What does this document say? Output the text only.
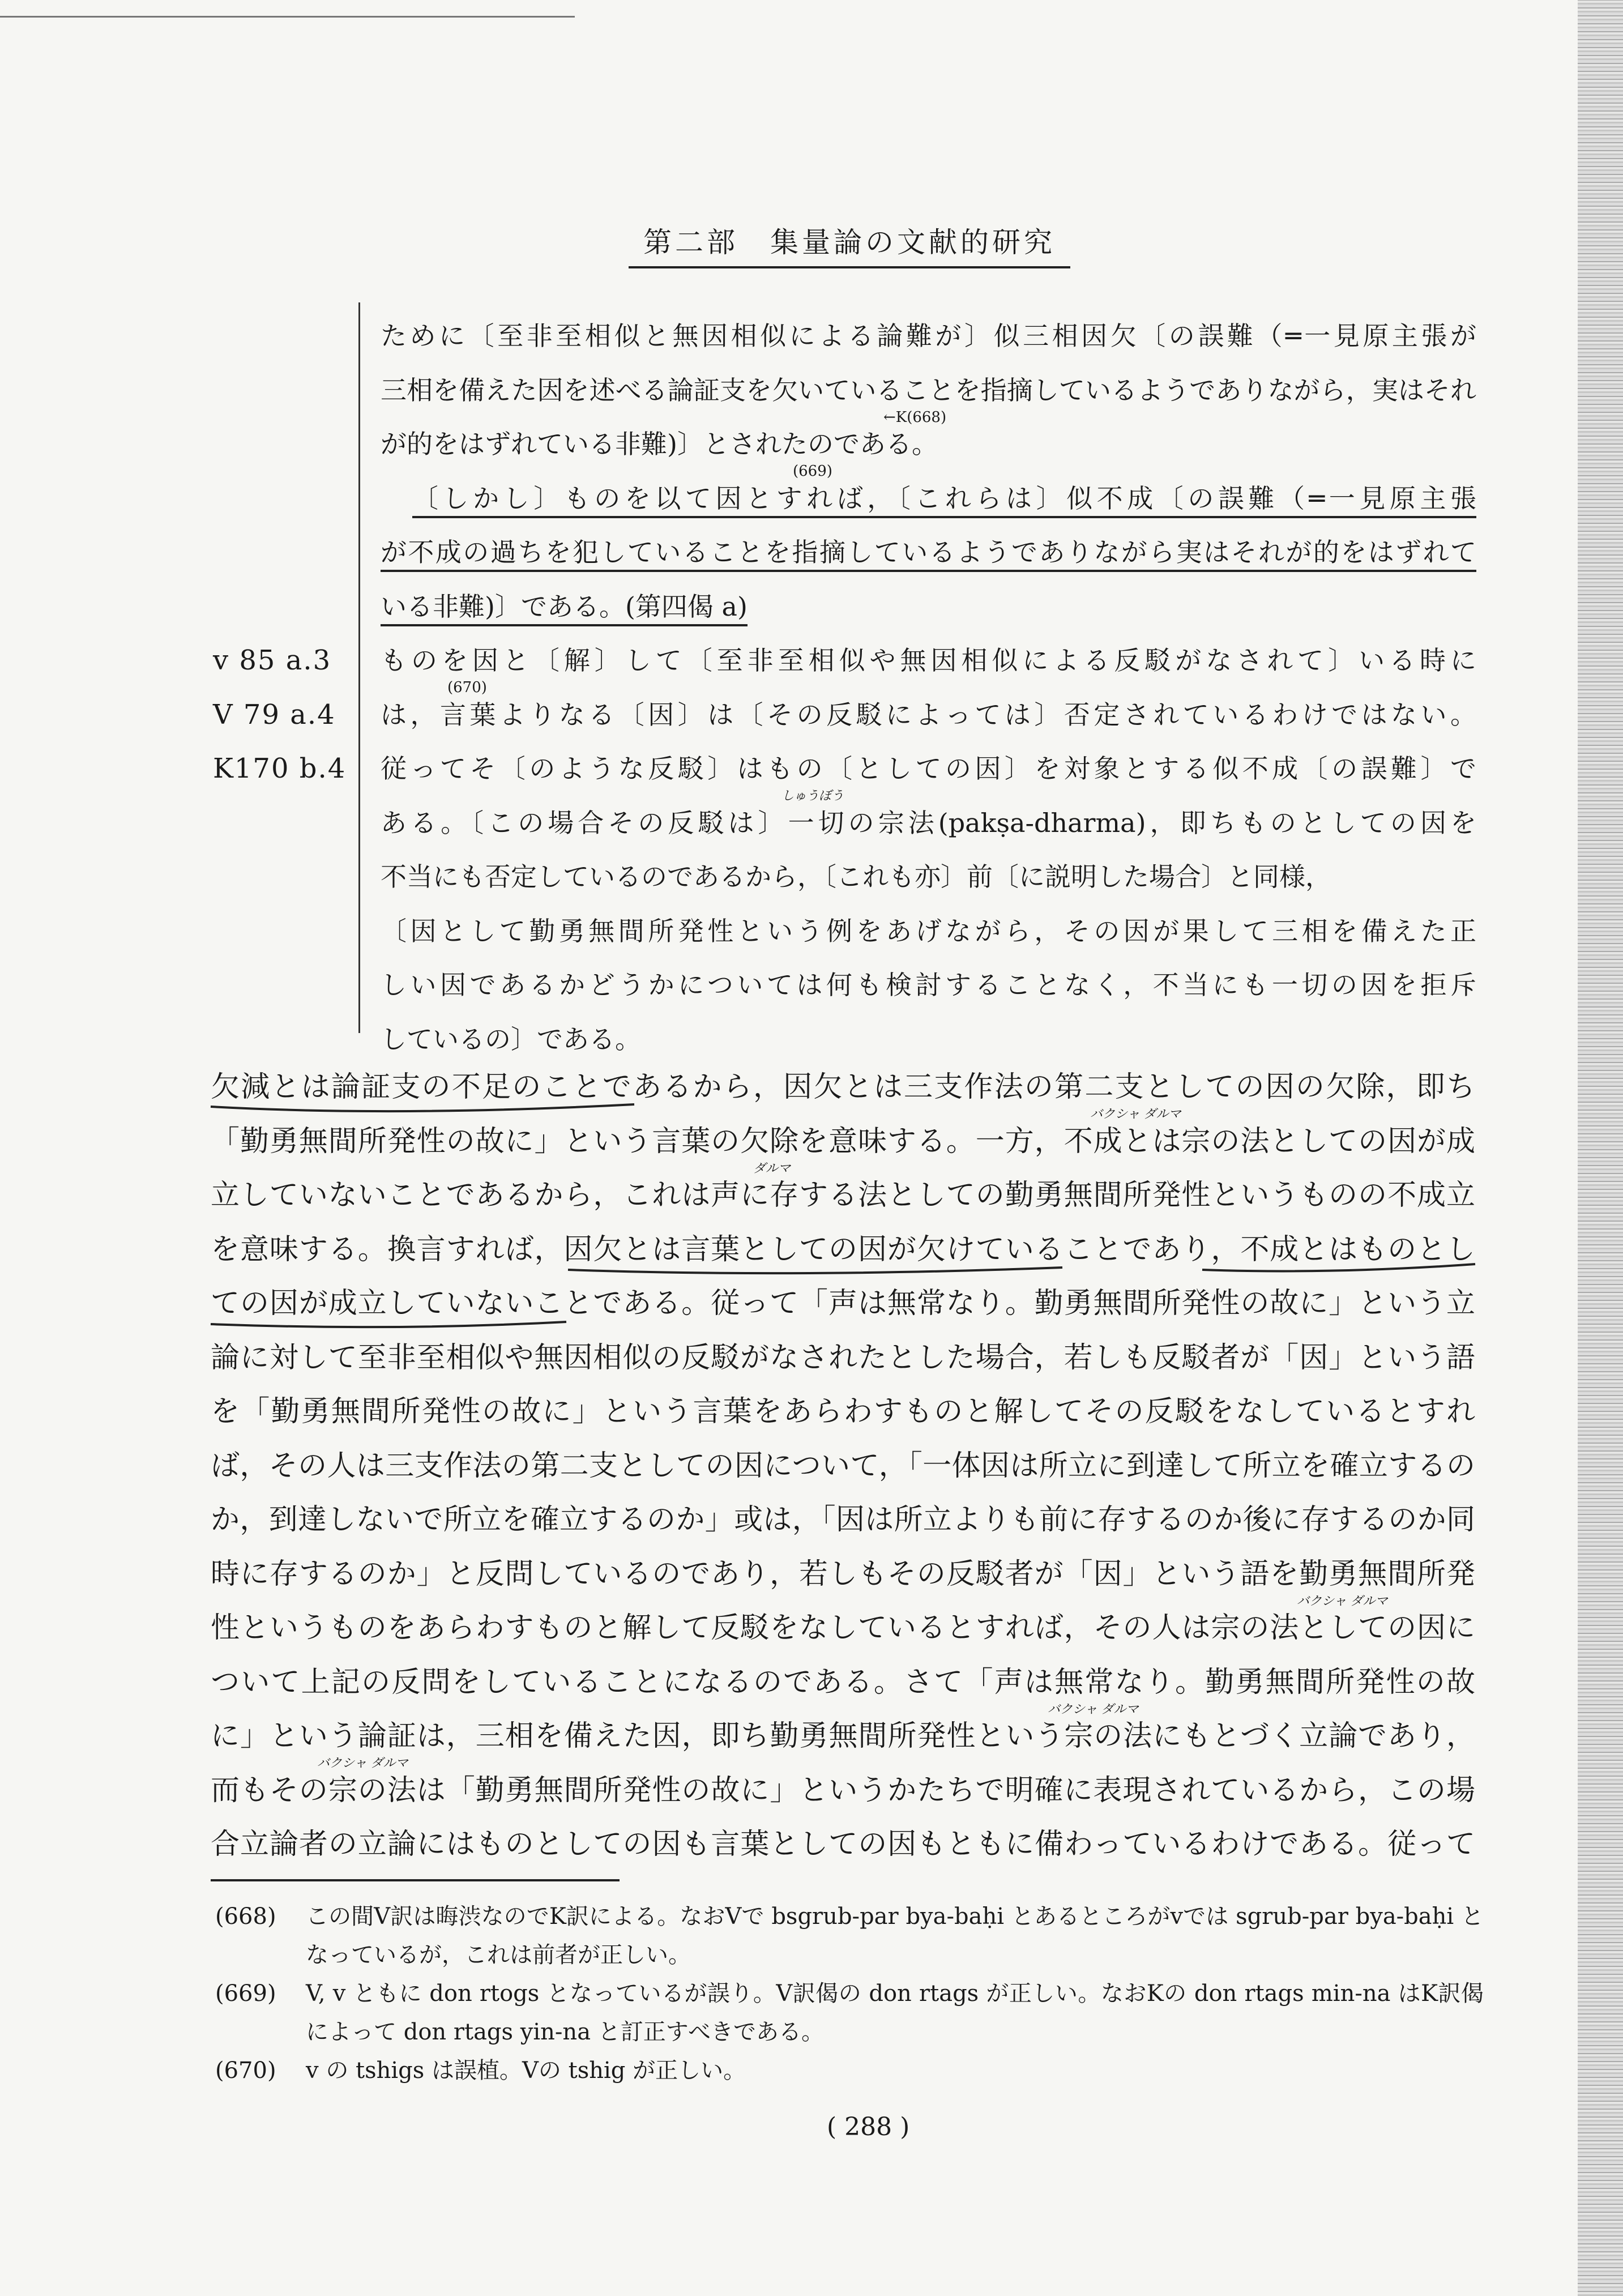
第二部　集量論の文献的研究
v 85 a.3
V 79 a.4
K170 b.4
ために〔至非至相似と無因相似による論難が〕似三相因欠〔の誤難（═一見原主張が
三相を備えた因を述べる論証支を欠いていることを指摘しているようでありながら，実はそれ
が的をはずれている非難)〕とされたのである。
〔しかし〕ものを以て因とすれば，〔これらは〕似不成〔の誤難（═一見原主張
が不成の過ちを犯していることを指摘しているようでありながら実はそれが的をはずれて
いる非難)〕である。(第四偈 a)
ものを因と〔解〕して〔至非至相似や無因相似による反駁がなされて〕いる時に
は，言葉よりなる〔因〕は〔その反駁によっては〕否定されているわけではない。
従ってそ〔のような反駁〕はもの〔としての因〕を対象とする似不成〔の誤難〕で
ある。〔この場合その反駁は〕一切の宗法(pakṣa-dharma)，即ちものとしての因を
不当にも否定しているのであるから，〔これも亦〕前〔に説明した場合〕と同様，
〔因として勤勇無間所発性という例をあげながら，その因が果して三相を備えた正
しい因であるかどうかについては何も検討することなく，不当にも一切の因を拒斥
しているの〕である。
欠減とは論証支の不足のことであるから，因欠とは三支作法の第二支としての因の欠除，即ち
「勤勇無間所発性の故に」という言葉の欠除を意味する。一方，不成とは宗の法としての因が成
立していないことであるから，これは声に存する法としての勤勇無間所発性というものの不成立
を意味する。換言すれば，因欠とは言葉としての因が欠けていることであり，不成とはものとし
ての因が成立していないことである。従って「声は無常なり。勤勇無間所発性の故に」という立
論に対して至非至相似や無因相似の反駁がなされたとした場合，若しも反駁者が「因」という語
を「勤勇無間所発性の故に」という言葉をあらわすものと解してその反駁をなしているとすれ
ば，その人は三支作法の第二支としての因について，「一体因は所立に到達して所立を確立するの
か，到達しないで所立を確立するのか」或は，「因は所立よりも前に存するのか後に存するのか同
時に存するのか」と反問しているのであり，若しもその反駁者が「因」という語を勤勇無間所発
性というものをあらわすものと解して反駁をなしているとすれば，その人は宗の法としての因に
ついて上記の反問をしていることになるのである。さて「声は無常なり。勤勇無間所発性の故
に」という論証は，三相を備えた因，即ち勤勇無間所発性という宗の法にもとづく立論であり，
而もその宗の法は「勤勇無間所発性の故に」というかたちで明確に表現されているから，この場
合立論者の立論にはものとしての因も言葉としての因もともに備わっているわけである。従って
←K(668)
(669)
(670)
しゅうぼう
バクシャ ダルマ
ダルマ
バクシャ ダルマ
バクシャ ダルマ
バクシャ ダルマ
(668) この間V訳は晦渋なのでK訳による。なおVで bsgrub-par bya-baḥi とあるところがvでは sgrub-par bya-baḥi となっているが，これは前者が正しい。
(669) V, v ともに don rtogs となっているが誤り。V訳偈の don rtags が正しい。なおKの don rtags min-na はK訳偈によって don rtags yin-na と訂正すべきである。
(670) v の tshigs は誤植。Vの tshig が正しい。
( 288 )
